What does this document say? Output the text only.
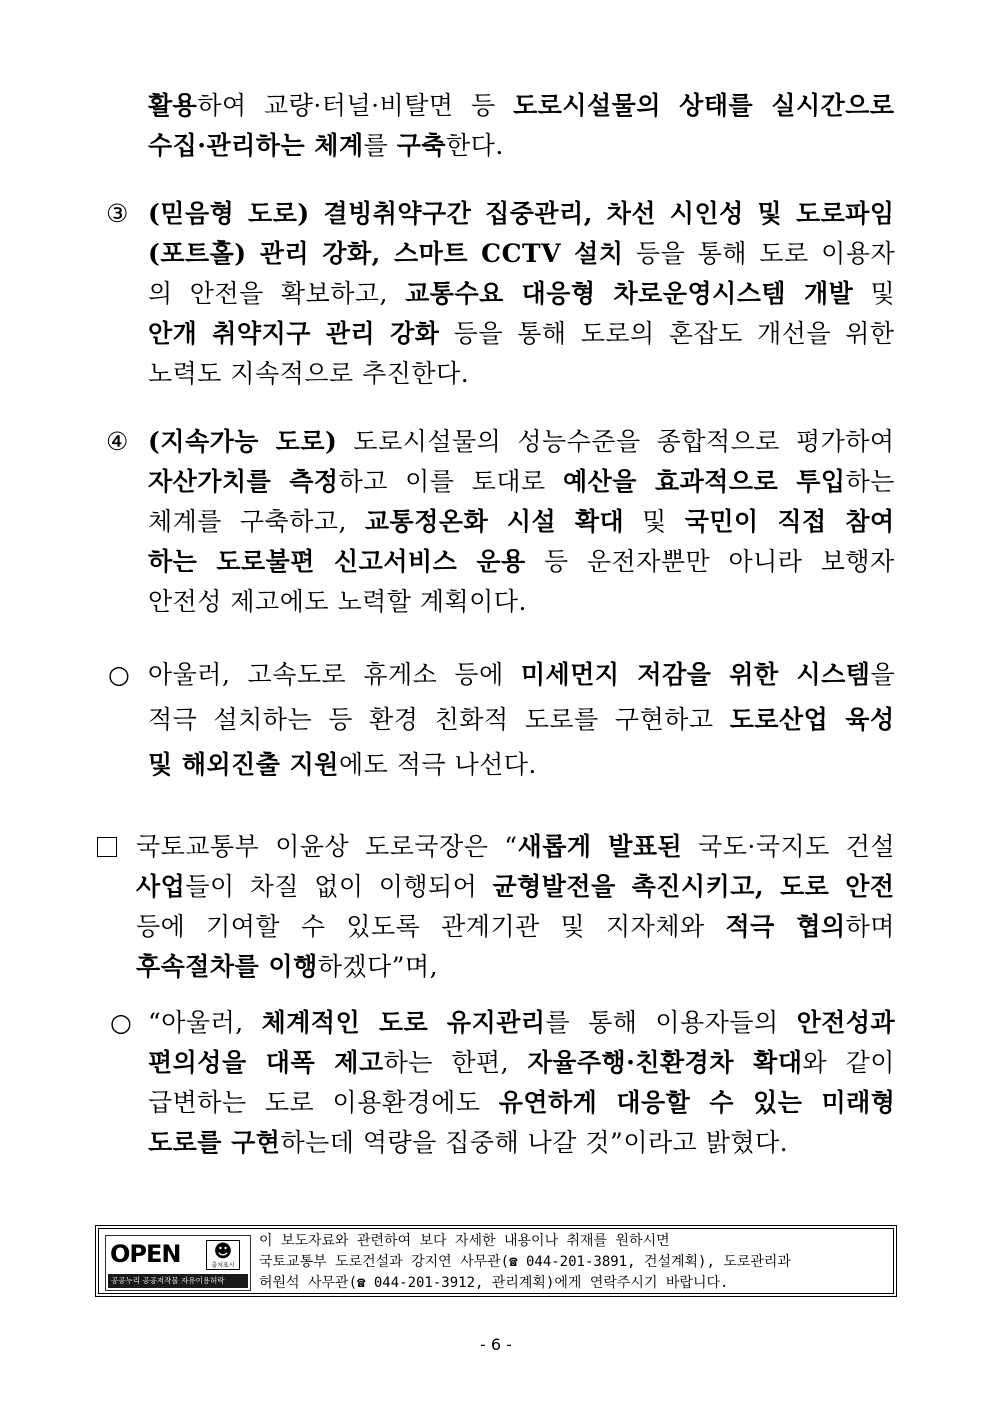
활용하여 교량·터널·비탈면 등 도로시설물의 상태를 실시간으로
수집·관리하는 체계를 구축한다.
③ (믿음형 도로) 결빙취약구간 집중관리, 차선 시인성 및 도로파임
(포트홀) 관리 강화, 스마트 CCTV 설치 등을 통해 도로 이용자
의 안전을 확보하고, 교통수요 대응형 차로운영시스템 개발 및
안개 취약지구 관리 강화 등을 통해 도로의 혼잡도 개선을 위한
노력도 지속적으로 추진한다.
④ (지속가능 도로) 도로시설물의 성능수준을 종합적으로 평가하여
자산가치를 측정하고 이를 토대로 예산을 효과적으로 투입하는
체계를 구축하고, 교통정온화 시설 확대 및 국민이 직접 참여
하는 도로불편 신고서비스 운용 등 운전자뿐만 아니라 보행자
안전성 제고에도 노력할 계획이다.
○ 아울러, 고속도로 휴게소 등에 미세먼지 저감을 위한 시스템을
적극 설치하는 등 환경 친화적 도로를 구현하고 도로산업 육성
및 해외진출 지원에도 적극 나선다.
국토교통부 이윤상 도로국장은 “새롭게 발표된 국도·국지도 건설
사업들이 차질 없이 이행되어 균형발전을 촉진시키고, 도로 안전
등에 기여할 수 있도록 관계기관 및 지자체와 적극 협의하며
후속절차를 이행하겠다”며,
○ “아울러, 체계적인 도로 유지관리를 통해 이용자들의 안전성과
편의성을 대폭 제고하는 한편, 자율주행·친환경차 확대와 같이
급변하는 도로 이용환경에도 유연하게 대응할 수 있는 미래형
도로를 구현하는데 역량을 집중해 나갈 것”이라고 밝혔다.
OPEN	☻
출처표시
공공누리 공공저작물 자유이용허락
이 보도자료와 관련하여 보다 자세한 내용이나 취재를 원하시면
국토교통부 도로건설과 강지연 사무관(☎ 044-201-3891, 건설계획), 도로관리과
허원석 사무관(☎ 044-201-3912, 관리계획)에게 연락주시기 바랍니다.
- 6 -
